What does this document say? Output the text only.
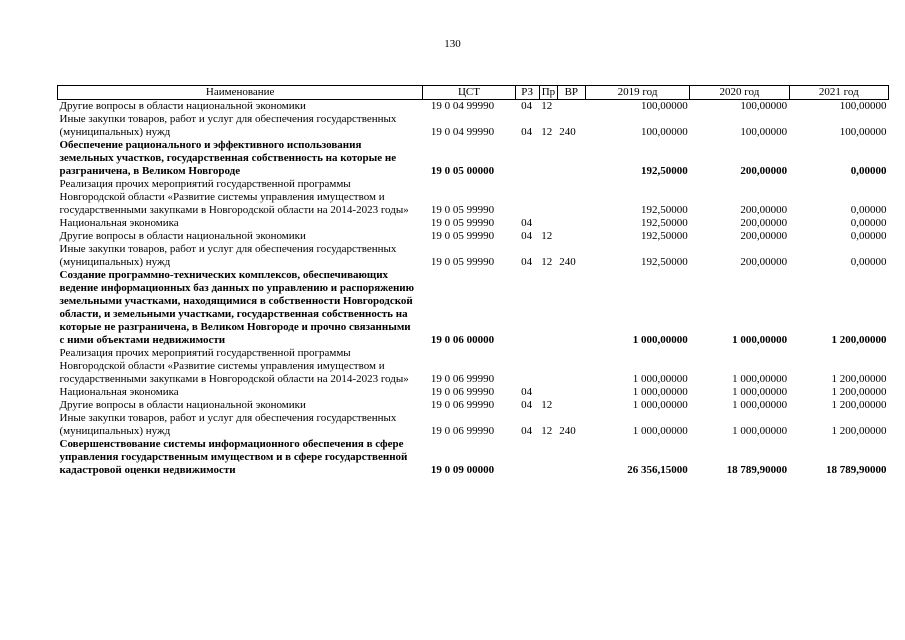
130
Наименование	ЦСТ	РЗ	Пр	ВР	2019 год	2020 год	2021 год
Другие вопросы в области национальной экономики	19 0 04 99990	04	12		100,00000	100,00000	100,00000
Иные закупки товаров, работ и услуг для обеспечения государственных (муниципальных) нужд	19 0 04 99990	04	12	240	100,00000	100,00000	100,00000
Обеспечение рационального и эффективного использования земельных участков, государственная собственность на которые не разграничена, в Великом Новгороде	19 0 05 00000				192,50000	200,00000	0,00000
Реализация прочих мероприятий государственной программы Новгородской области «Развитие системы управления имуществом и государственными закупками в Новгородской области на 2014-2023 годы»	19 0 05 99990				192,50000	200,00000	0,00000
Национальная экономика	19 0 05 99990	04			192,50000	200,00000	0,00000
Другие вопросы в области национальной экономики	19 0 05 99990	04	12		192,50000	200,00000	0,00000
Иные закупки товаров, работ и услуг для обеспечения государственных (муниципальных) нужд	19 0 05 99990	04	12	240	192,50000	200,00000	0,00000
Создание программно-технических комплексов, обеспечивающих ведение информационных баз данных по управлению и распоряжению земельными участками, находящимися в собственности Новгородской области, и земельными участками, государственная собственность на которые не разграничена, в Великом Новгороде и прочно связанными с ними объектами недвижимости	19 0 06 00000				1 000,00000	1 000,00000	1 200,00000
Реализация прочих мероприятий государственной программы Новгородской области «Развитие системы управления имуществом и государственными закупками в Новгородской области на 2014-2023 годы»	19 0 06 99990				1 000,00000	1 000,00000	1 200,00000
Национальная экономика	19 0 06 99990	04			1 000,00000	1 000,00000	1 200,00000
Другие вопросы в области национальной экономики	19 0 06 99990	04	12		1 000,00000	1 000,00000	1 200,00000
Иные закупки товаров, работ и услуг для обеспечения государственных (муниципальных) нужд	19 0 06 99990	04	12	240	1 000,00000	1 000,00000	1 200,00000
Совершенствование системы информационного обеспечения в сфере управления государственным имуществом и в сфере государственной кадастровой оценки недвижимости	19 0 09 00000				26 356,15000	18 789,90000	18 789,90000
